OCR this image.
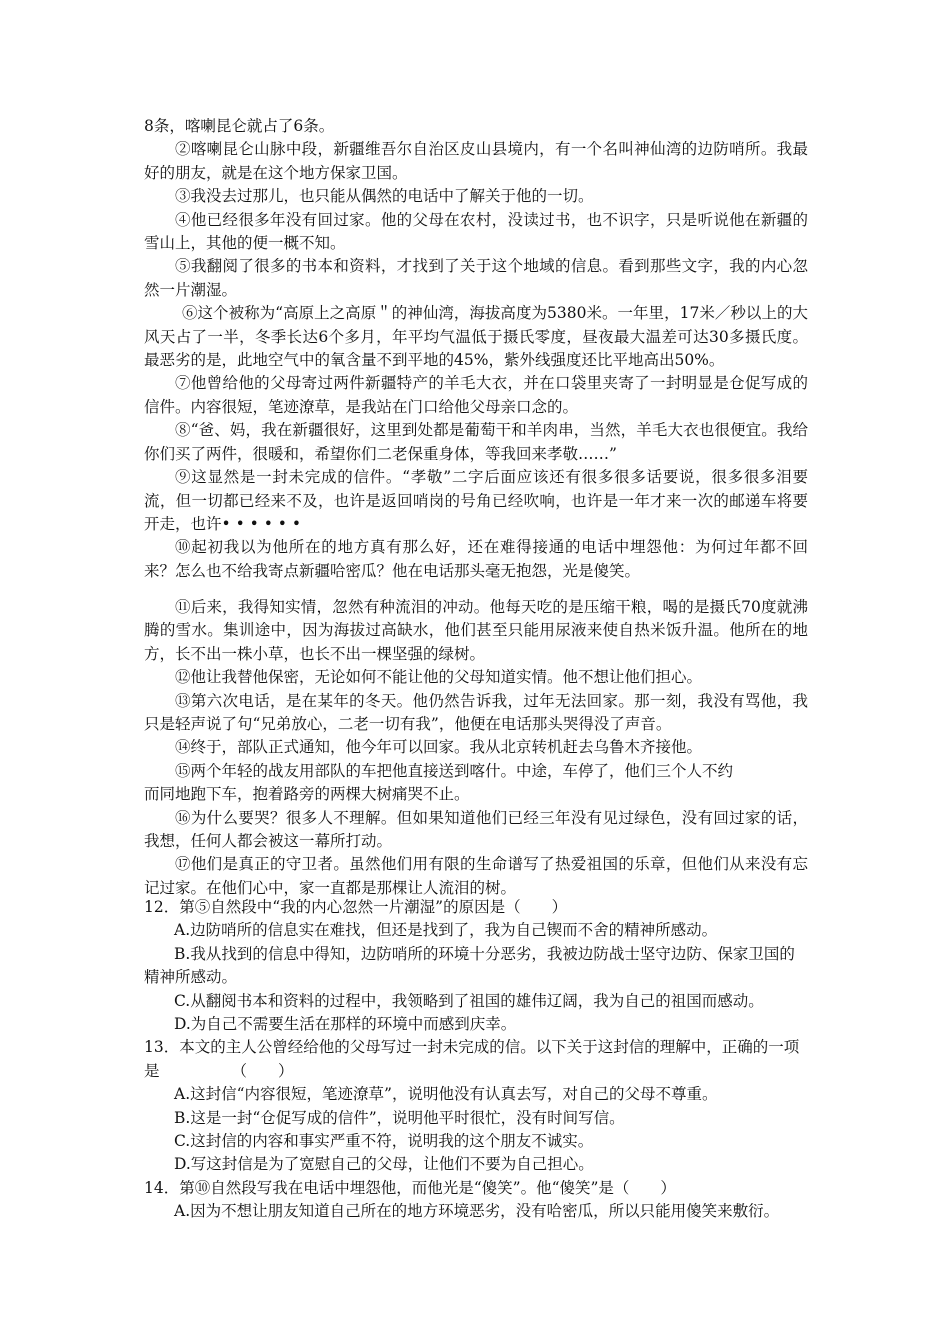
8条，喀喇昆仑就占了6条。

②喀喇昆仑山脉中段，新疆维吾尔自治区皮山县境内，有一个名叫神仙湾的边防哨所。我最好的朋友，就是在这个地方保家卫国。

③我没去过那儿，也只能从偶然的电话中了解关于他的一切。

④他已经很多年没有回过家。他的父母在农村，没读过书，也不识字，只是听说他在新疆的雪山上，其他的便一概不知。

⑤我翻阅了很多的书本和资料，才找到了关于这个地域的信息。看到那些文字，我的内心忽然一片潮湿。

⑥这个被称为“高原上之高原＂的神仙湾，海拔高度为5380米。一年里，17米／秒以上的大风天占了一半，冬季长达6个多月，年平均气温低于摄氏零度，昼夜最大温差可达30多摄氏度。最恶劣的是，此地空气中的氧含量不到平地的45%，紫外线强度还比平地高出50%。

⑦他曾给他的父母寄过两件新疆特产的羊毛大衣，并在口袋里夹寄了一封明显是仓促写成的信件。内容很短，笔迹潦草，是我站在门口给他父母亲口念的。

⑧“爸、妈，我在新疆很好，这里到处都是葡萄干和羊肉串，当然，羊毛大衣也很便宜。我给你们买了两件，很暖和，希望你们二老保重身体，等我回来孝敬……”

⑨这显然是一封未完成的信件。“孝敬”二字后面应该还有很多很多话要说，很多很多泪要流，但一切都已经来不及，也许是返回哨岗的号角已经吹响，也许是一年才来一次的邮递车将要开走，也许• • • • • •

⑩起初我以为他所在的地方真有那么好，还在难得接通的电话中埋怨他：为何过年都不回来？怎么也不给我寄点新疆哈密瓜？他在电话那头毫无抱怨，光是傻笑。

⑪后来，我得知实情，忽然有种流泪的冲动。他每天吃的是压缩干粮，喝的是摄氏70度就沸腾的雪水。集训途中，因为海拔过高缺水，他们甚至只能用尿液来使自热米饭升温。他所在的地方，长不出一株小草，也长不出一棵坚强的绿树。

⑫他让我替他保密，无论如何不能让他的父母知道实情。他不想让他们担心。

⑬第六次电话，是在某年的冬天。他仍然告诉我，过年无法回家。那一刻，我没有骂他，我只是轻声说了句“兄弟放心，二老一切有我”，他便在电话那头哭得没了声音。

⑭终于，部队正式通知，他今年可以回家。我从北京转机赶去乌鲁木齐接他。

⑮两个年轻的战友用部队的车把他直接送到喀什。中途，车停了，他们三个人不约

而同地跑下车，抱着路旁的两棵大树痛哭不止。

⑯为什么要哭？很多人不理解。但如果知道他们已经三年没有见过绿色，没有回过家的话，我想，任何人都会被这一幕所打动。

⑰他们是真正的守卫者。虽然他们用有限的生命谱写了热爱祖国的乐章，但他们从来没有忘记过家。在他们心中，家一直都是那棵让人流泪的树。

12．第⑤自然段中“我的内心忽然一片潮湿”的原因是（　　）

A.边防哨所的信息实在难找，但还是找到了，我为自己锲而不舍的精神所感动。

B.我从找到的信息中得知，边防哨所的环境十分恶劣，我被边防战士坚守边防、保家卫国的精神所感动。

C.从翻阅书本和资料的过程中，我领略到了祖国的雄伟辽阔，我为自己的祖国而感动。

D.为自己不需要生活在那样的环境中而感到庆幸。

13．本文的主人公曾经给他的父母写过一封未完成的信。以下关于这封信的理解中，正确的一项是	（　　）

A.这封信“内容很短，笔迹潦草”，说明他没有认真去写，对自己的父母不尊重。

B.这是一封“仓促写成的信件”，说明他平时很忙，没有时间写信。

C.这封信的内容和事实严重不符，说明我的这个朋友不诚实。

D.写这封信是为了宽慰自己的父母，让他们不要为自己担心。

14．第⑩自然段写我在电话中埋怨他，而他光是“傻笑”。他“傻笑”是（　　）

A.因为不想让朋友知道自己所在的地方环境恶劣，没有哈密瓜，所以只能用傻笑来敷衍。
